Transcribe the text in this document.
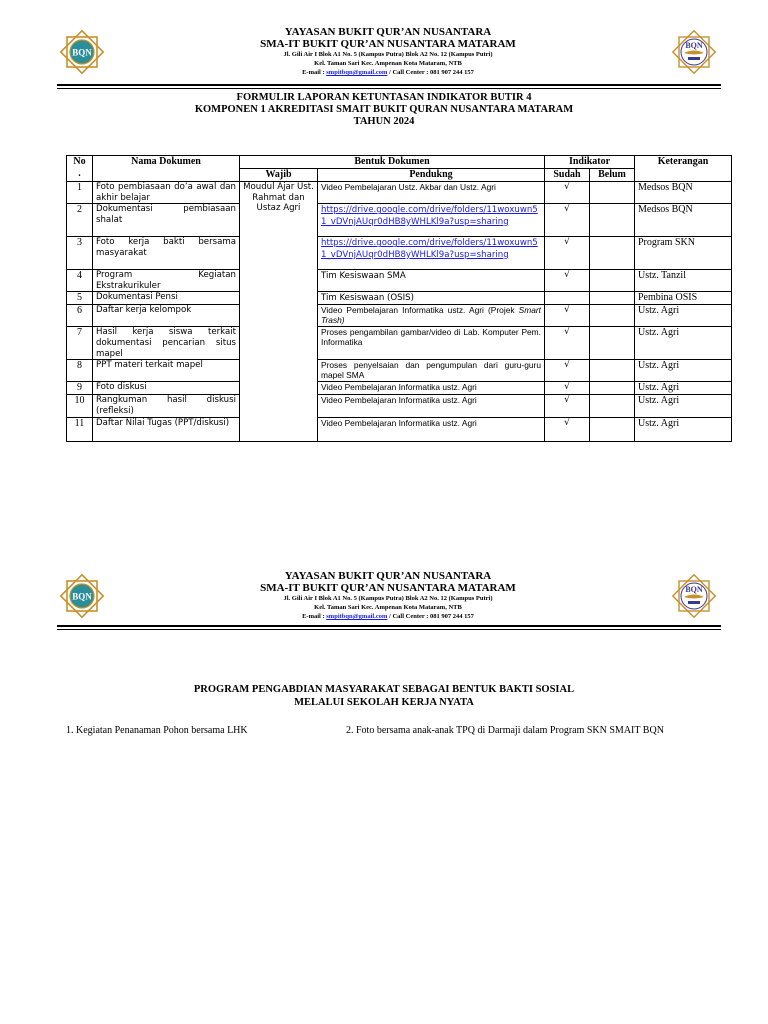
BQN
YAYASAN BUKIT QUR’AN NUSANTARA
SMA-IT BUKIT QUR’AN NUSANTARA MATARAM
Jl. Gili Air I Blok A1 No. 5 (Kampus Putra) Blok A2 No. 12 (Kampus Putri)
Kel. Taman Sari Kec. Ampenan Kota Mataram, NTB
E-mail : smpitbqn@gmail.com / Call Center : 081 907 244 157
BQN
FORMULIR LAPORAN KETUNTASAN INDIKATOR BUTIR 4
KOMPONEN 1 AKREDITASI SMAIT BUKIT QURAN NUSANTARA MATARAM
TAHUN 2024
No
.	Nama Dokumen	Bentuk Dokumen		Indikator		Keterangan
		Wajib	Pendukng	Sudah	Belum	
1	Foto pembiasaan do’a awal dan akhir belajar	Moudul Ajar Ust. Rahmat dan Ustaz Agri	Video Pembelajaran Ustz. Akbar dan Ustz. Agri	√		Medsos BQN
2	Dokumentasi pembiasaan shalat		https://drive.google.com/drive/folders/11woxuwn51_vDVnjAUqr0dHB8yWHLKl9a?usp=sharing	√		Medsos BQN
3	Foto kerja bakti bersama masyarakat		https://drive.google.com/drive/folders/11woxuwn51_vDVnjAUqr0dHB8yWHLKl9a?usp=sharing	√		Program SKN
4	Program Kegiatan Ekstrakurikuler		Tim Kesiswaan SMA	√		Ustz. Tanzil
5	Dokumentasi Pensi		Tim Kesiswaan (OSIS)			Pembina OSIS
6	Daftar kerja kelompok		Video Pembelajaran Informatika ustz. Agri (Projek Smart Trash)	√		Ustz. Agri
7	Hasil kerja siswa terkait dokumentasi pencarian situs mapel		Proses pengambilan gambar/video di Lab. Komputer Pem. Informatika	√		Ustz. Agri
8	PPT materi terkait mapel		Proses penyelsaian dan pengumpulan dari guru-guru mapel SMA	√		Ustz. Agri
9	Foto diskusi		Video Pembelajaran Informatika ustz. Agri	√		Ustz. Agri
10	Rangkuman hasil diskusi (refleksi)		Video Pembelajaran Informatika ustz. Agri	√		Ustz. Agri
11	Daftar Nilai Tugas (PPT/diskusi)		Video Pembelajaran Informatika ustz. Agri	√		Ustz. Agri
BQN
YAYASAN BUKIT QUR’AN NUSANTARA
SMA-IT BUKIT QUR’AN NUSANTARA MATARAM
Jl. Gili Air I Blok A1 No. 5 (Kampus Putra) Blok A2 No. 12 (Kampus Putri)
Kel. Taman Sari Kec. Ampenan Kota Mataram, NTB
E-mail : smpitbqn@gmail.com / Call Center : 081 907 244 157
BQN
PROGRAM PENGABDIAN MASYARAKAT SEBAGAI BENTUK BAKTI SOSIAL
MELALUI SEKOLAH KERJA NYATA
1. Kegiatan Penanaman Pohon bersama LHK	2. Foto bersama anak-anak TPQ di Darmaji dalam Program SKN SMAIT BQN
